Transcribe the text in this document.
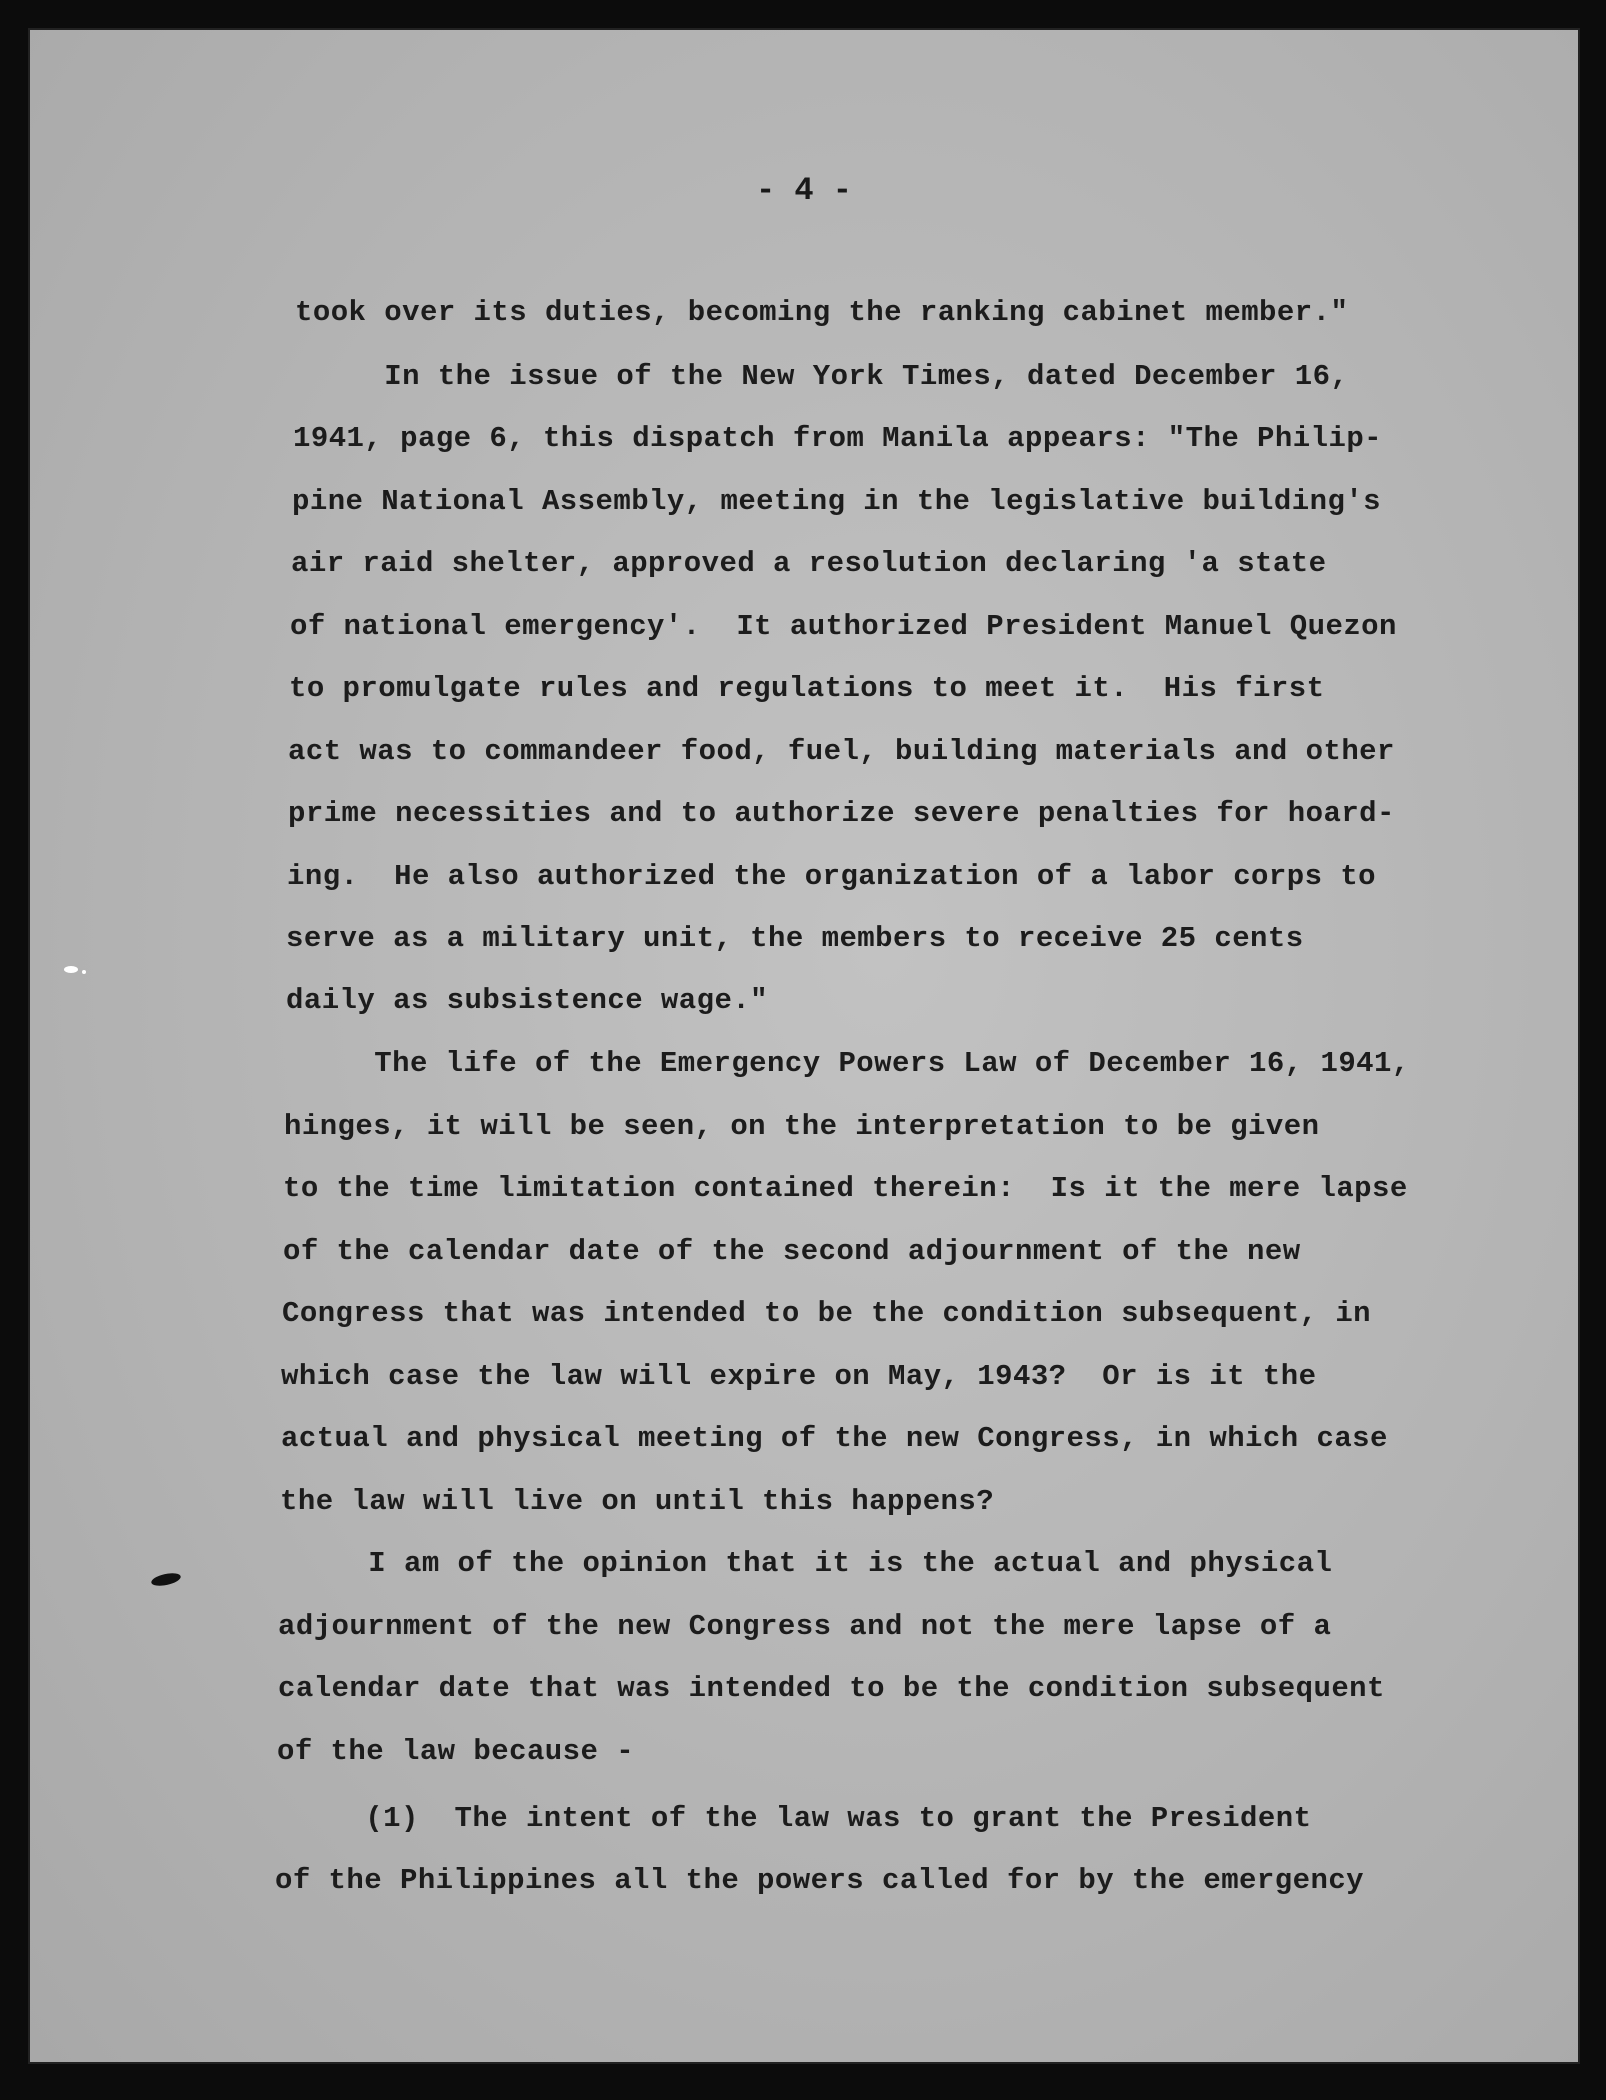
- 4 -

took over its duties, becoming the ranking cabinet member."

In the issue of the New York Times, dated December 16,

1941, page 6, this dispatch from Manila appears: "The Philip-

pine National Assembly, meeting in the legislative building's

air raid shelter, approved a resolution declaring 'a state

of national emergency'.  It authorized President Manuel Quezon

to promulgate rules and regulations to meet it.  His first

act was to commandeer food, fuel, building materials and other

prime necessities and to authorize severe penalties for hoard-

ing.  He also authorized the organization of a labor corps to

serve as a military unit, the members to receive 25 cents

daily as subsistence wage."

The life of the Emergency Powers Law of December 16, 1941,

hinges, it will be seen, on the interpretation to be given

to the time limitation contained therein:  Is it the mere lapse

of the calendar date of the second adjournment of the new

Congress that was intended to be the condition subsequent, in

which case the law will expire on May, 1943?  Or is it the

actual and physical meeting of the new Congress, in which case

the law will live on until this happens?

I am of the opinion that it is the actual and physical

adjournment of the new Congress and not the mere lapse of a

calendar date that was intended to be the condition subsequent

of the law because -

(1)  The intent of the law was to grant the President

of the Philippines all the powers called for by the emergency
